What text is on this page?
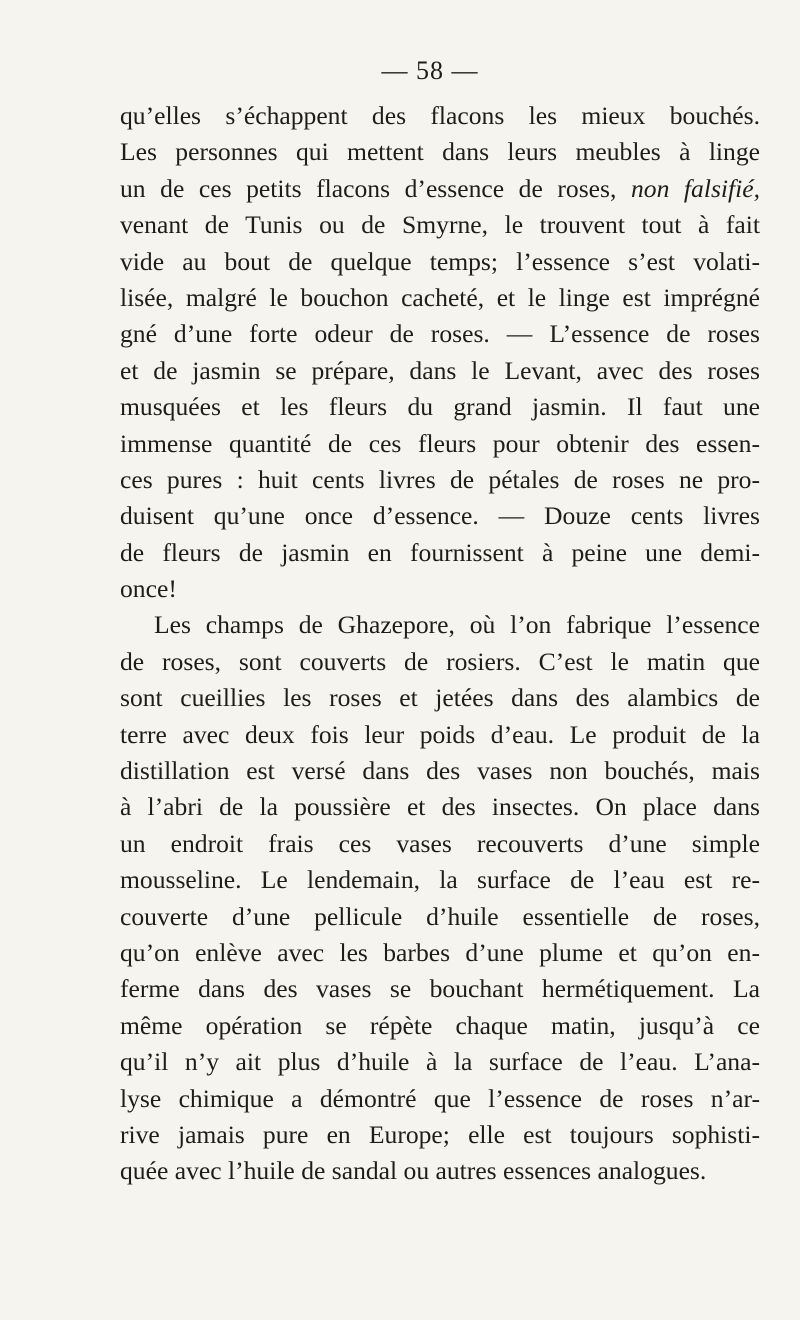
— 58 —
qu’elles s’échappent des flacons les mieux bouchés.
Les personnes qui mettent dans leurs meubles à linge
un de ces petits flacons d’essence de roses, non falsifié,
venant de Tunis ou de Smyrne, le trouvent tout à fait
vide au bout de quelque temps; l’essence s’est volati-
lisée, malgré le bouchon cacheté, et le linge est imprégné
gné d’une forte odeur de roses. — L’essence de roses
et de jasmin se prépare, dans le Levant, avec des roses
musquées et les fleurs du grand jasmin. Il faut une
immense quantité de ces fleurs pour obtenir des essen-
ces pures : huit cents livres de pétales de roses ne pro-
duisent qu’une once d’essence. — Douze cents livres
de fleurs de jasmin en fournissent à peine une demi-
once!
Les champs de Ghazepore, où l’on fabrique l’essence
de roses, sont couverts de rosiers. C’est le matin que
sont cueillies les roses et jetées dans des alambics de
terre avec deux fois leur poids d’eau. Le produit de la
distillation est versé dans des vases non bouchés, mais
à l’abri de la poussière et des insectes. On place dans
un endroit frais ces vases recouverts d’une simple
mousseline. Le lendemain, la surface de l’eau est re-
couverte d’une pellicule d’huile essentielle de roses,
qu’on enlève avec les barbes d’une plume et qu’on en-
ferme dans des vases se bouchant hermétiquement. La
même opération se répète chaque matin, jusqu’à ce
qu’il n’y ait plus d’huile à la surface de l’eau. L’ana-
lyse chimique a démontré que l’essence de roses n’ar-
rive jamais pure en Europe; elle est toujours sophisti-
quée avec l’huile de sandal ou autres essences analogues.
